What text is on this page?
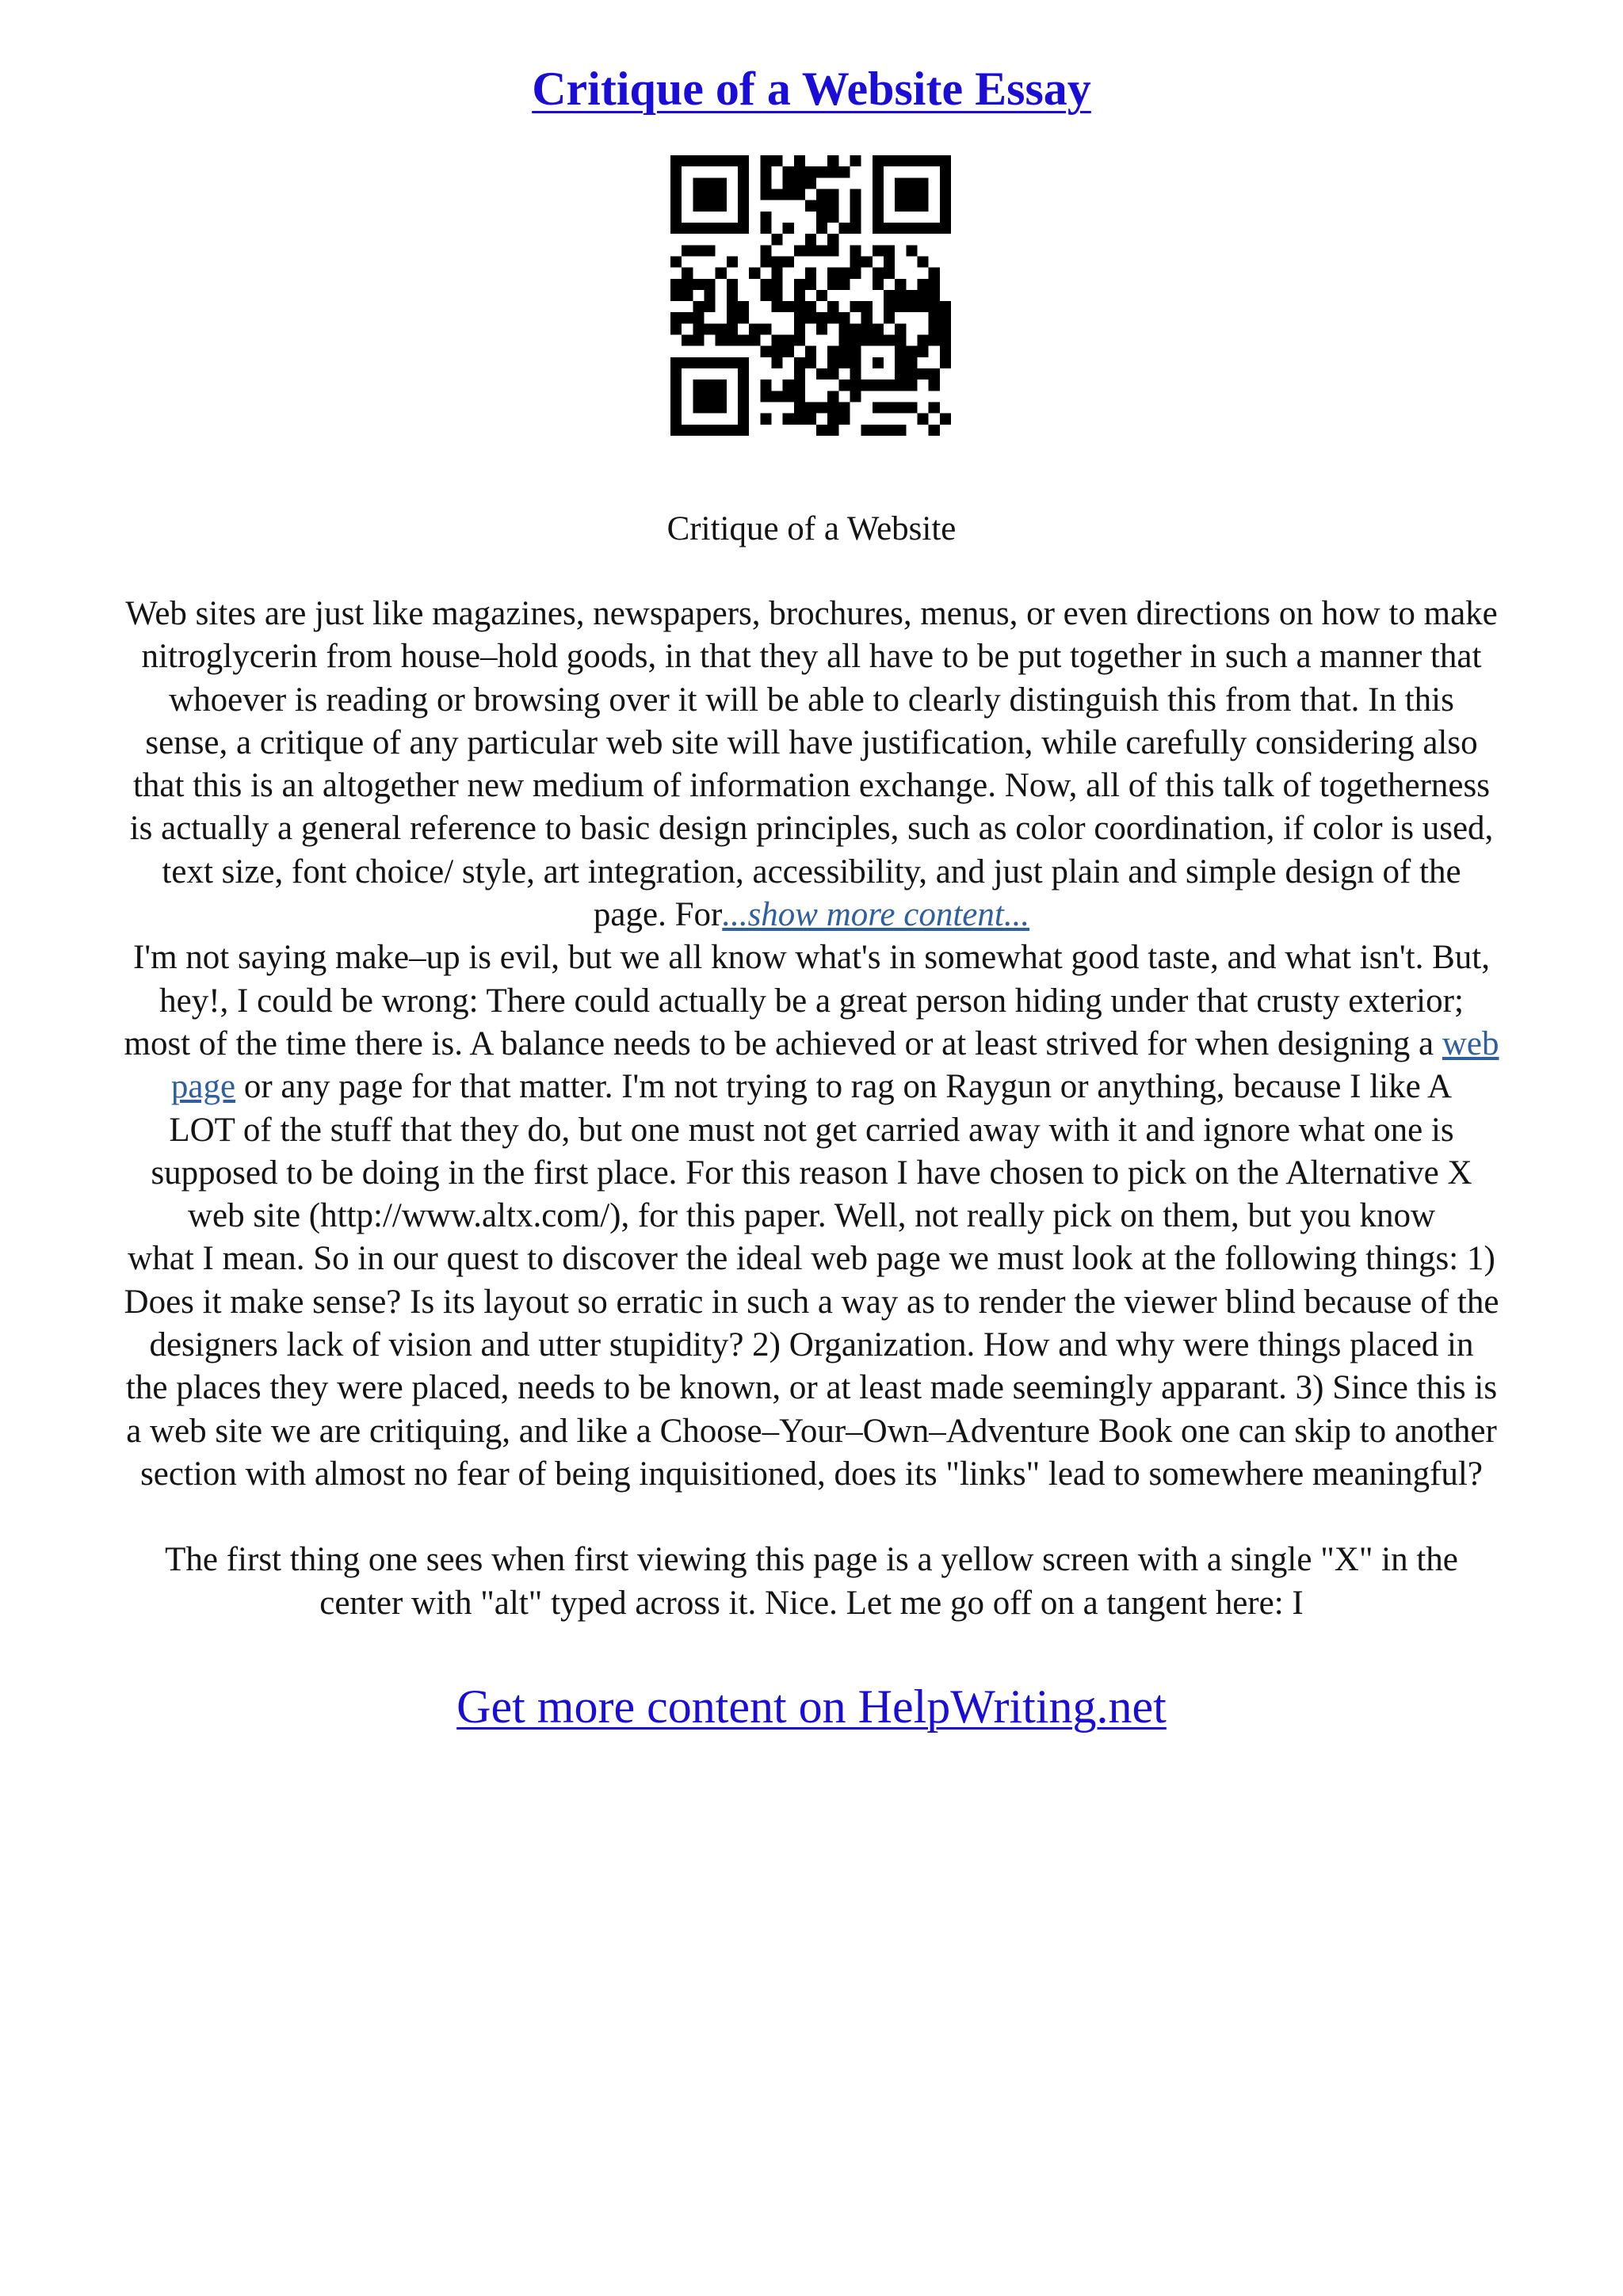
Critique of a Website Essay
Critique of a Website
Web sites are just like magazines, newspapers, brochures, menus, or even directions on how to make
nitroglycerin from house–hold goods, in that they all have to be put together in such a manner that
whoever is reading or browsing over it will be able to clearly distinguish this from that. In this
sense, a critique of any particular web site will have justification, while carefully considering also
that this is an altogether new medium of information exchange. Now, all of this talk of togetherness
is actually a general reference to basic design principles, such as color coordination, if color is used,
text size, font choice/ style, art integration, accessibility, and just plain and simple design of the
page. For...show more content...
I'm not saying make–up is evil, but we all know what's in somewhat good taste, and what isn't. But,
hey!, I could be wrong: There could actually be a great person hiding under that crusty exterior;
most of the time there is. A balance needs to be achieved or at least strived for when designing a web
page or any page for that matter. I'm not trying to rag on Raygun or anything, because I like A
LOT of the stuff that they do, but one must not get carried away with it and ignore what one is
supposed to be doing in the first place. For this reason I have chosen to pick on the Alternative X
web site (http://www.altx.com/), for this paper. Well, not really pick on them, but you know
what I mean. So in our quest to discover the ideal web page we must look at the following things: 1)
Does it make sense? Is its layout so erratic in such a way as to render the viewer blind because of the
designers lack of vision and utter stupidity? 2) Organization. How and why were things placed in
the places they were placed, needs to be known, or at least made seemingly apparant. 3) Since this is
a web site we are critiquing, and like a Choose–Your–Own–Adventure Book one can skip to another
section with almost no fear of being inquisitioned, does its "links" lead to somewhere meaningful?
The first thing one sees when first viewing this page is a yellow screen with a single "X" in the
center with "alt" typed across it. Nice. Let me go off on a tangent here: I
Get more content on HelpWriting.net
